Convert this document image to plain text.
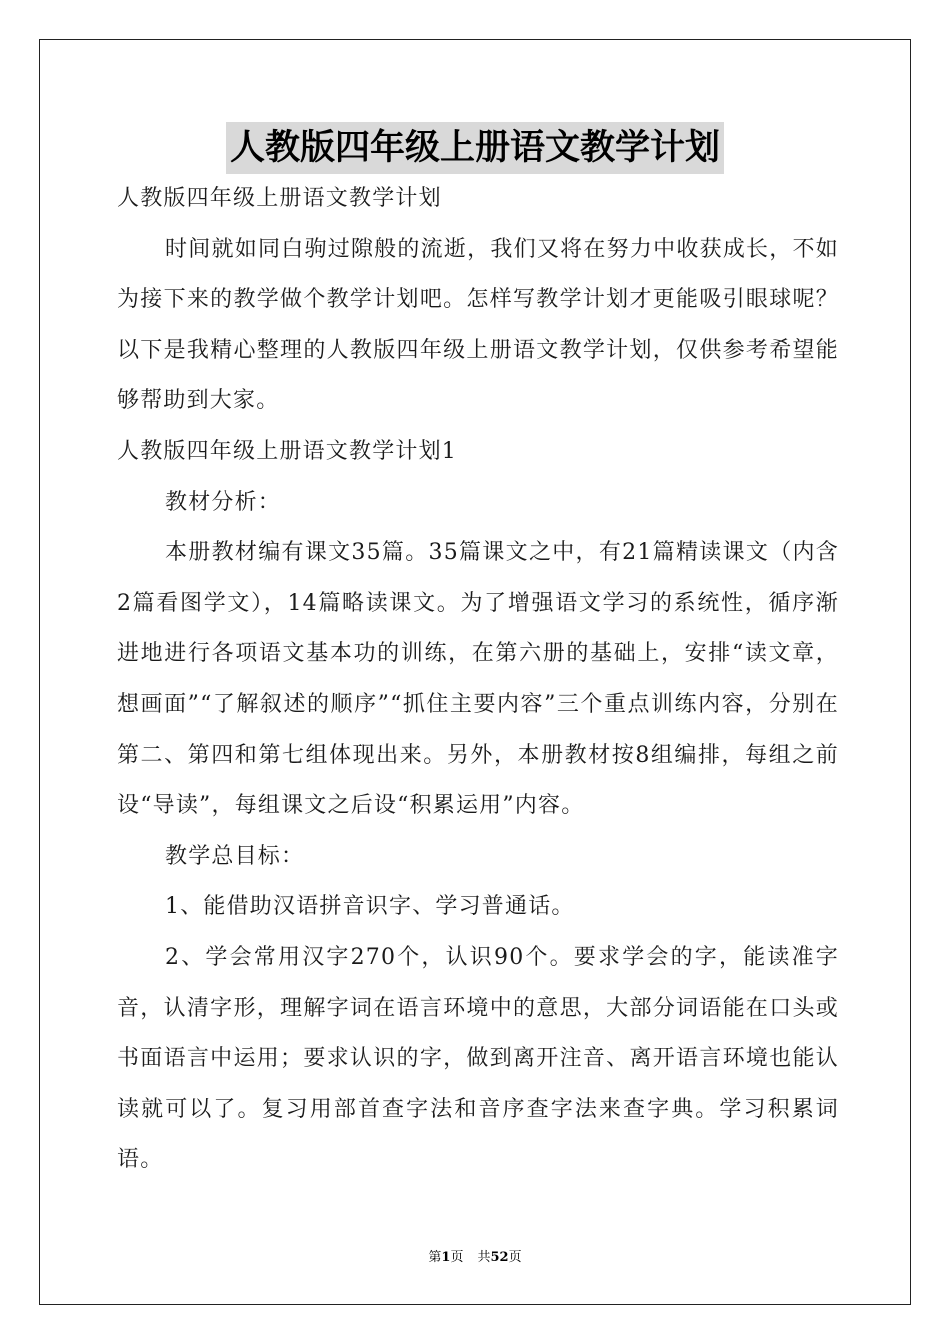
人教版四年级上册语文教学计划

人教版四年级上册语文教学计划

时间就如同白驹过隙般的流逝，我们又将在努力中收获成长，不如为接下来的教学做个教学计划吧。怎样写教学计划才更能吸引眼球呢？以下是我精心整理的人教版四年级上册语文教学计划，仅供参考希望能够帮助到大家。

人教版四年级上册语文教学计划1

教材分析：

本册教材编有课文35篇。35篇课文之中，有21篇精读课文（内含2篇看图学文），14篇略读课文。为了增强语文学习的系统性，循序渐进地进行各项语文基本功的训练，在第六册的基础上，安排“读文章，想画面”“了解叙述的顺序”“抓住主要内容”三个重点训练内容，分别在第二、第四和第七组体现出来。另外，本册教材按8组编排，每组之前设“导读”，每组课文之后设“积累运用”内容。

教学总目标：

1、能借助汉语拼音识字、学习普通话。

2、学会常用汉字270个，认识90个。要求学会的字，能读准字音，认清字形，理解字词在语言环境中的意思，大部分词语能在口头或书面语言中运用；要求认识的字，做到离开注音、离开语言环境也能认读就可以了。复习用部首查字法和音序查字法来查字典。学习积累词语。

第1页 共52页
